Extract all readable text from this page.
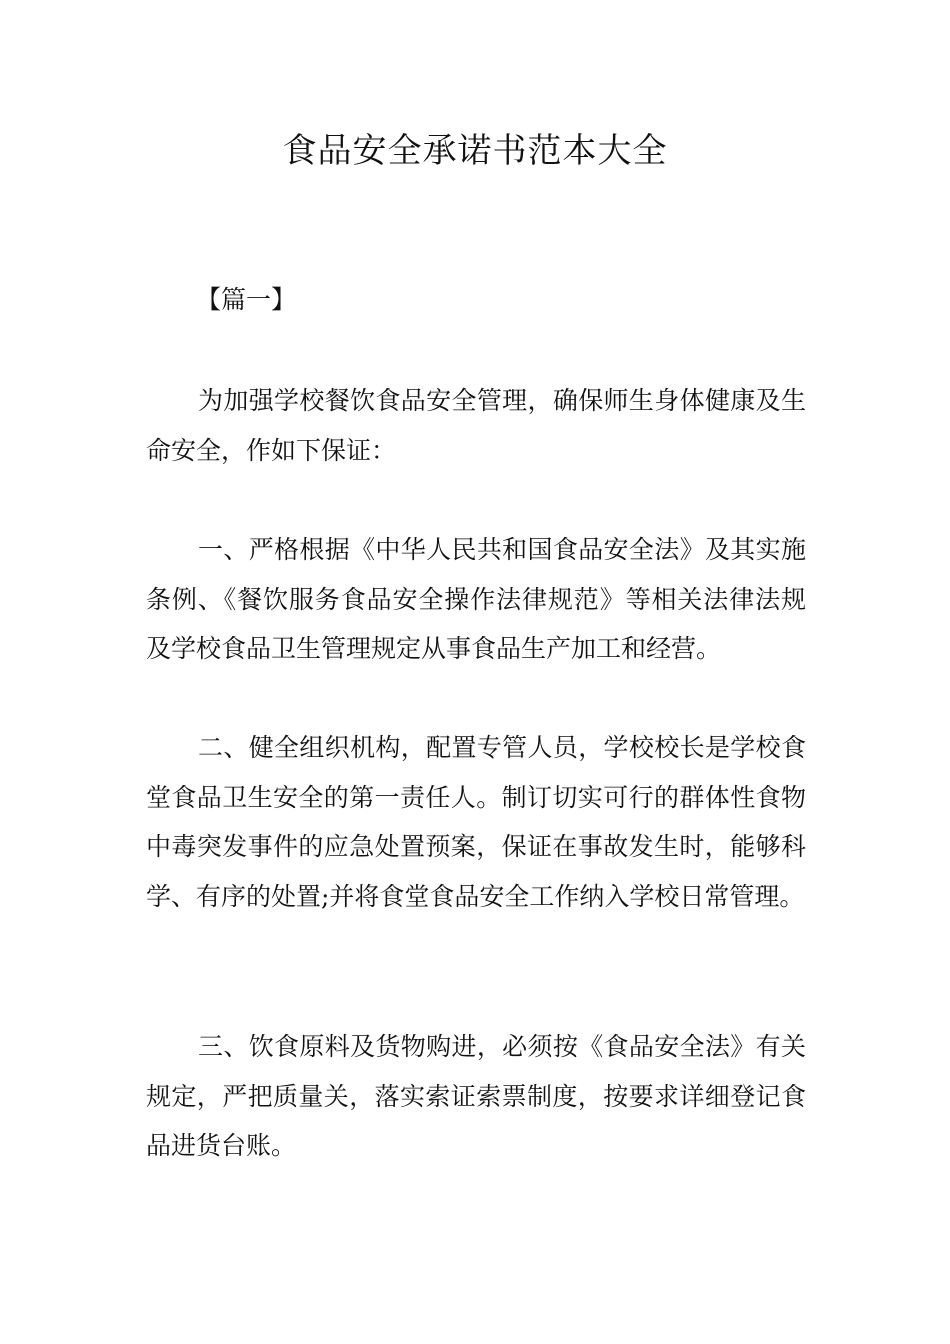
食品安全承诺书范本大全

【篇一】

为加强学校餐饮食品安全管理，确保师生身体健康及生命安全，作如下保证：

一、严格根据《中华人民共和国食品安全法》及其实施条例、《餐饮服务食品安全操作法律规范》等相关法律法规及学校食品卫生管理规定从事食品生产加工和经营。

二、健全组织机构，配置专管人员，学校校长是学校食堂食品卫生安全的第一责任人。制订切实可行的群体性食物中毒突发事件的应急处置预案，保证在事故发生时，能够科学、有序的处置;并将食堂食品安全工作纳入学校日常管理。

三、饮食原料及货物购进，必须按《食品安全法》有关规定，严把质量关，落实索证索票制度，按要求详细登记食品进货台账。
